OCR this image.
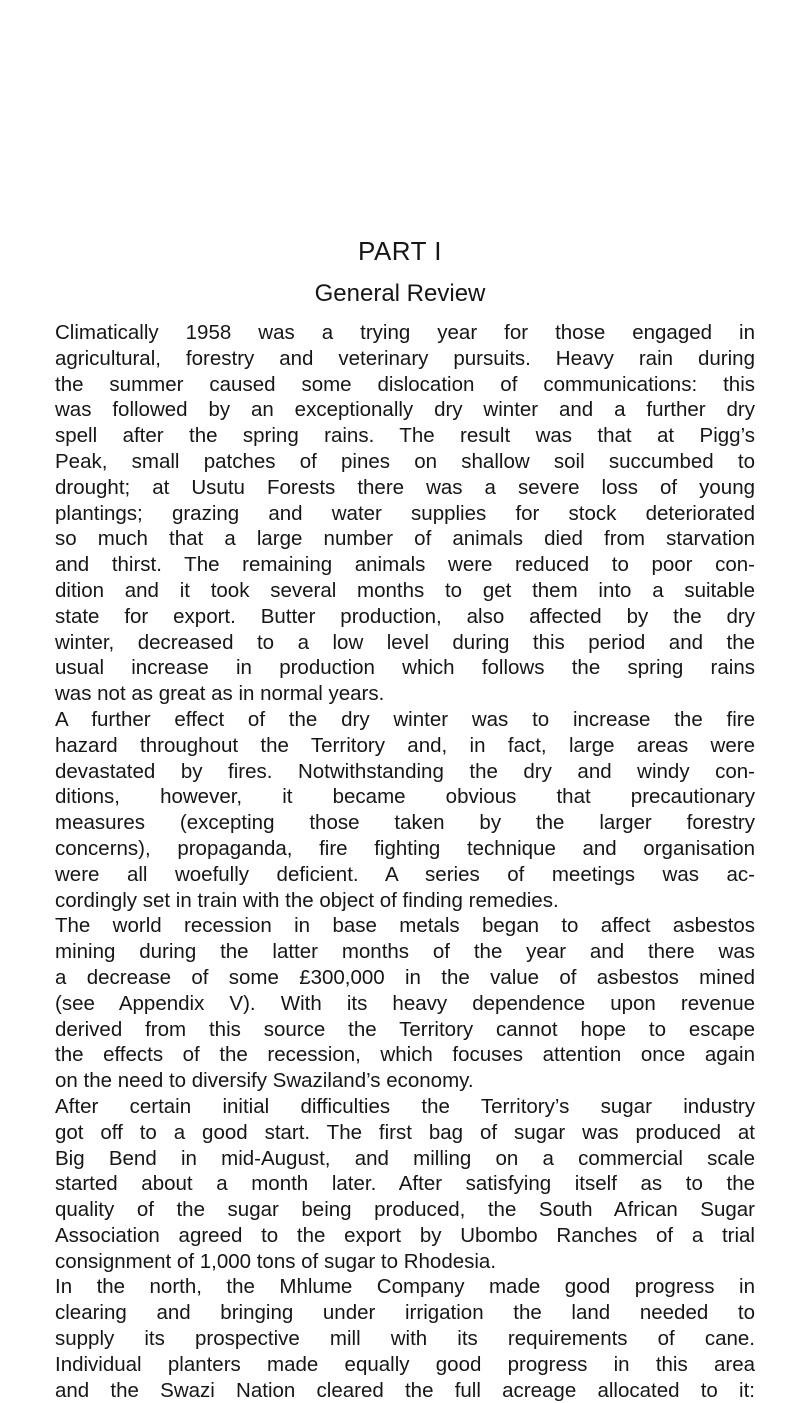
PART I
General Review
Climatically 1958 was a trying year for those engaged in
agricultural, forestry and veterinary pursuits. Heavy rain during
the summer caused some dislocation of communications: this
was followed by an exceptionally dry winter and a further dry
spell after the spring rains. The result was that at Pigg’s
Peak, small patches of pines on shallow soil succumbed to
drought; at Usutu Forests there was a severe loss of young
plantings; grazing and water supplies for stock deteriorated
so much that a large number of animals died from starvation
and thirst. The remaining animals were reduced to poor con-
dition and it took several months to get them into a suitable
state for export. Butter production, also affected by the dry
winter, decreased to a low level during this period and the
usual increase in production which follows the spring rains
was not as great as in normal years.
A further effect of the dry winter was to increase the fire
hazard throughout the Territory and, in fact, large areas were
devastated by fires. Notwithstanding the dry and windy con-
ditions, however, it became obvious that precautionary
measures (excepting those taken by the larger forestry
concerns), propaganda, fire fighting technique and organisation
were all woefully deficient. A series of meetings was ac-
cordingly set in train with the object of finding remedies.
The world recession in base metals began to affect asbestos
mining during the latter months of the year and there was
a decrease of some £300,000 in the value of asbestos mined
(see Appendix V). With its heavy dependence upon revenue
derived from this source the Territory cannot hope to escape
the effects of the recession, which focuses attention once again
on the need to diversify Swaziland’s economy.
After certain initial difficulties the Territory’s sugar industry
got off to a good start. The first bag of sugar was produced at
Big Bend in mid-August, and milling on a commercial scale
started about a month later. After satisfying itself as to the
quality of the sugar being produced, the South African Sugar
Association agreed to the export by Ubombo Ranches of a trial
consignment of 1,000 tons of sugar to Rhodesia.
In the north, the Mhlume Company made good progress in
clearing and bringing under irrigation the land needed to
supply its prospective mill with its requirements of cane.
Individual planters made equally good progress in this area
and the Swazi Nation cleared the full acreage allocated to it:
